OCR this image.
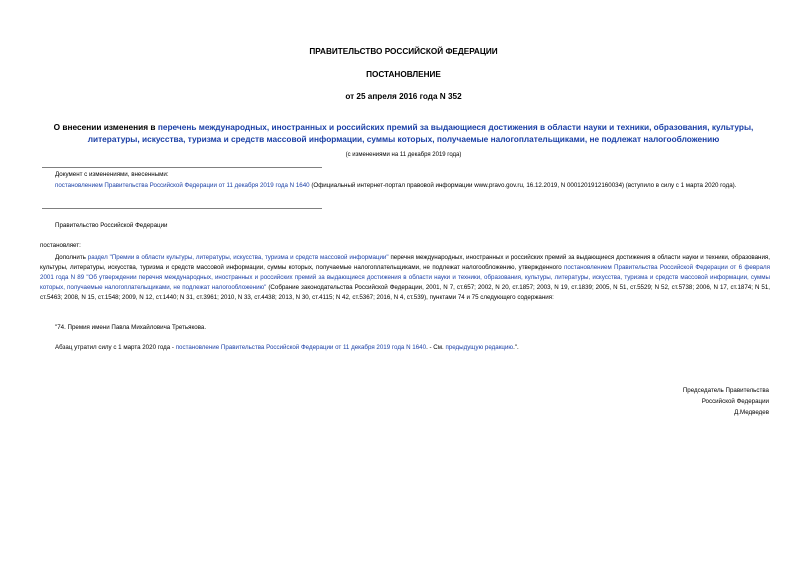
ПРАВИТЕЛЬСТВО РОССИЙСКОЙ ФЕДЕРАЦИИ
ПОСТАНОВЛЕНИЕ
от 25 апреля 2016 года N 352
О внесении изменения в перечень международных, иностранных и российских премий за выдающиеся достижения в области науки и техники, образования, культуры, литературы, искусства, туризма и средств массовой информации, суммы которых, получаемые налогоплательщиками, не подлежат налогообложению
(с изменениями на 11 декабря 2019 года)
Документ с изменениями, внесенными:
постановлением Правительства Российской Федерации от 11 декабря 2019 года N 1640 (Официальный интернет-портал правовой информации www.pravo.gov.ru, 16.12.2019, N 0001201912160034) (вступило в силу с 1 марта 2020 года).
Правительство Российской Федерации
постановляет:
Дополнить раздел "Премии в области культуры, литературы, искусства, туризма и средств массовой информации" перечня международных, иностранных и российских премий за выдающиеся достижения в области науки и техники, образования, культуры, литературы, искусства, туризма и средств массовой информации, суммы которых, получаемые налогоплательщиками, не подлежат налогообложению, утвержденного постановлением Правительства Российской Федерации от 6 февраля 2001 года N 89 "Об утверждении перечня международных, иностранных и российских премий за выдающиеся достижения в области науки и техники, образования, культуры, литературы, искусства, туризма и средств массовой информации, суммы которых, получаемые налогоплательщиками, не подлежат налогообложению" (Собрание законодательства Российской Федерации, 2001, N 7, ст.657; 2002, N 20, ст.1857; 2003, N 19, ст.1839; 2005, N 51, ст.5529; N 52, ст.5738; 2006, N 17, ст.1874; N 51, ст.5463; 2008, N 15, ст.1548; 2009, N 12, ст.1440; N 31, ст.3961; 2010, N 33, ст.4438; 2013, N 30, ст.4115; N 42, ст.5367; 2016, N 4, ст.539), пунктами 74 и 75 следующего содержания:
"74. Премия имени Павла Михайловича Третьякова.
Абзац утратил силу с 1 марта 2020 года - постановление Правительства Российской Федерации от 11 декабря 2019 года N 1640. - См. предыдущую редакцию.".
Председатель Правительства
Российской Федерации
Д.Медведев
